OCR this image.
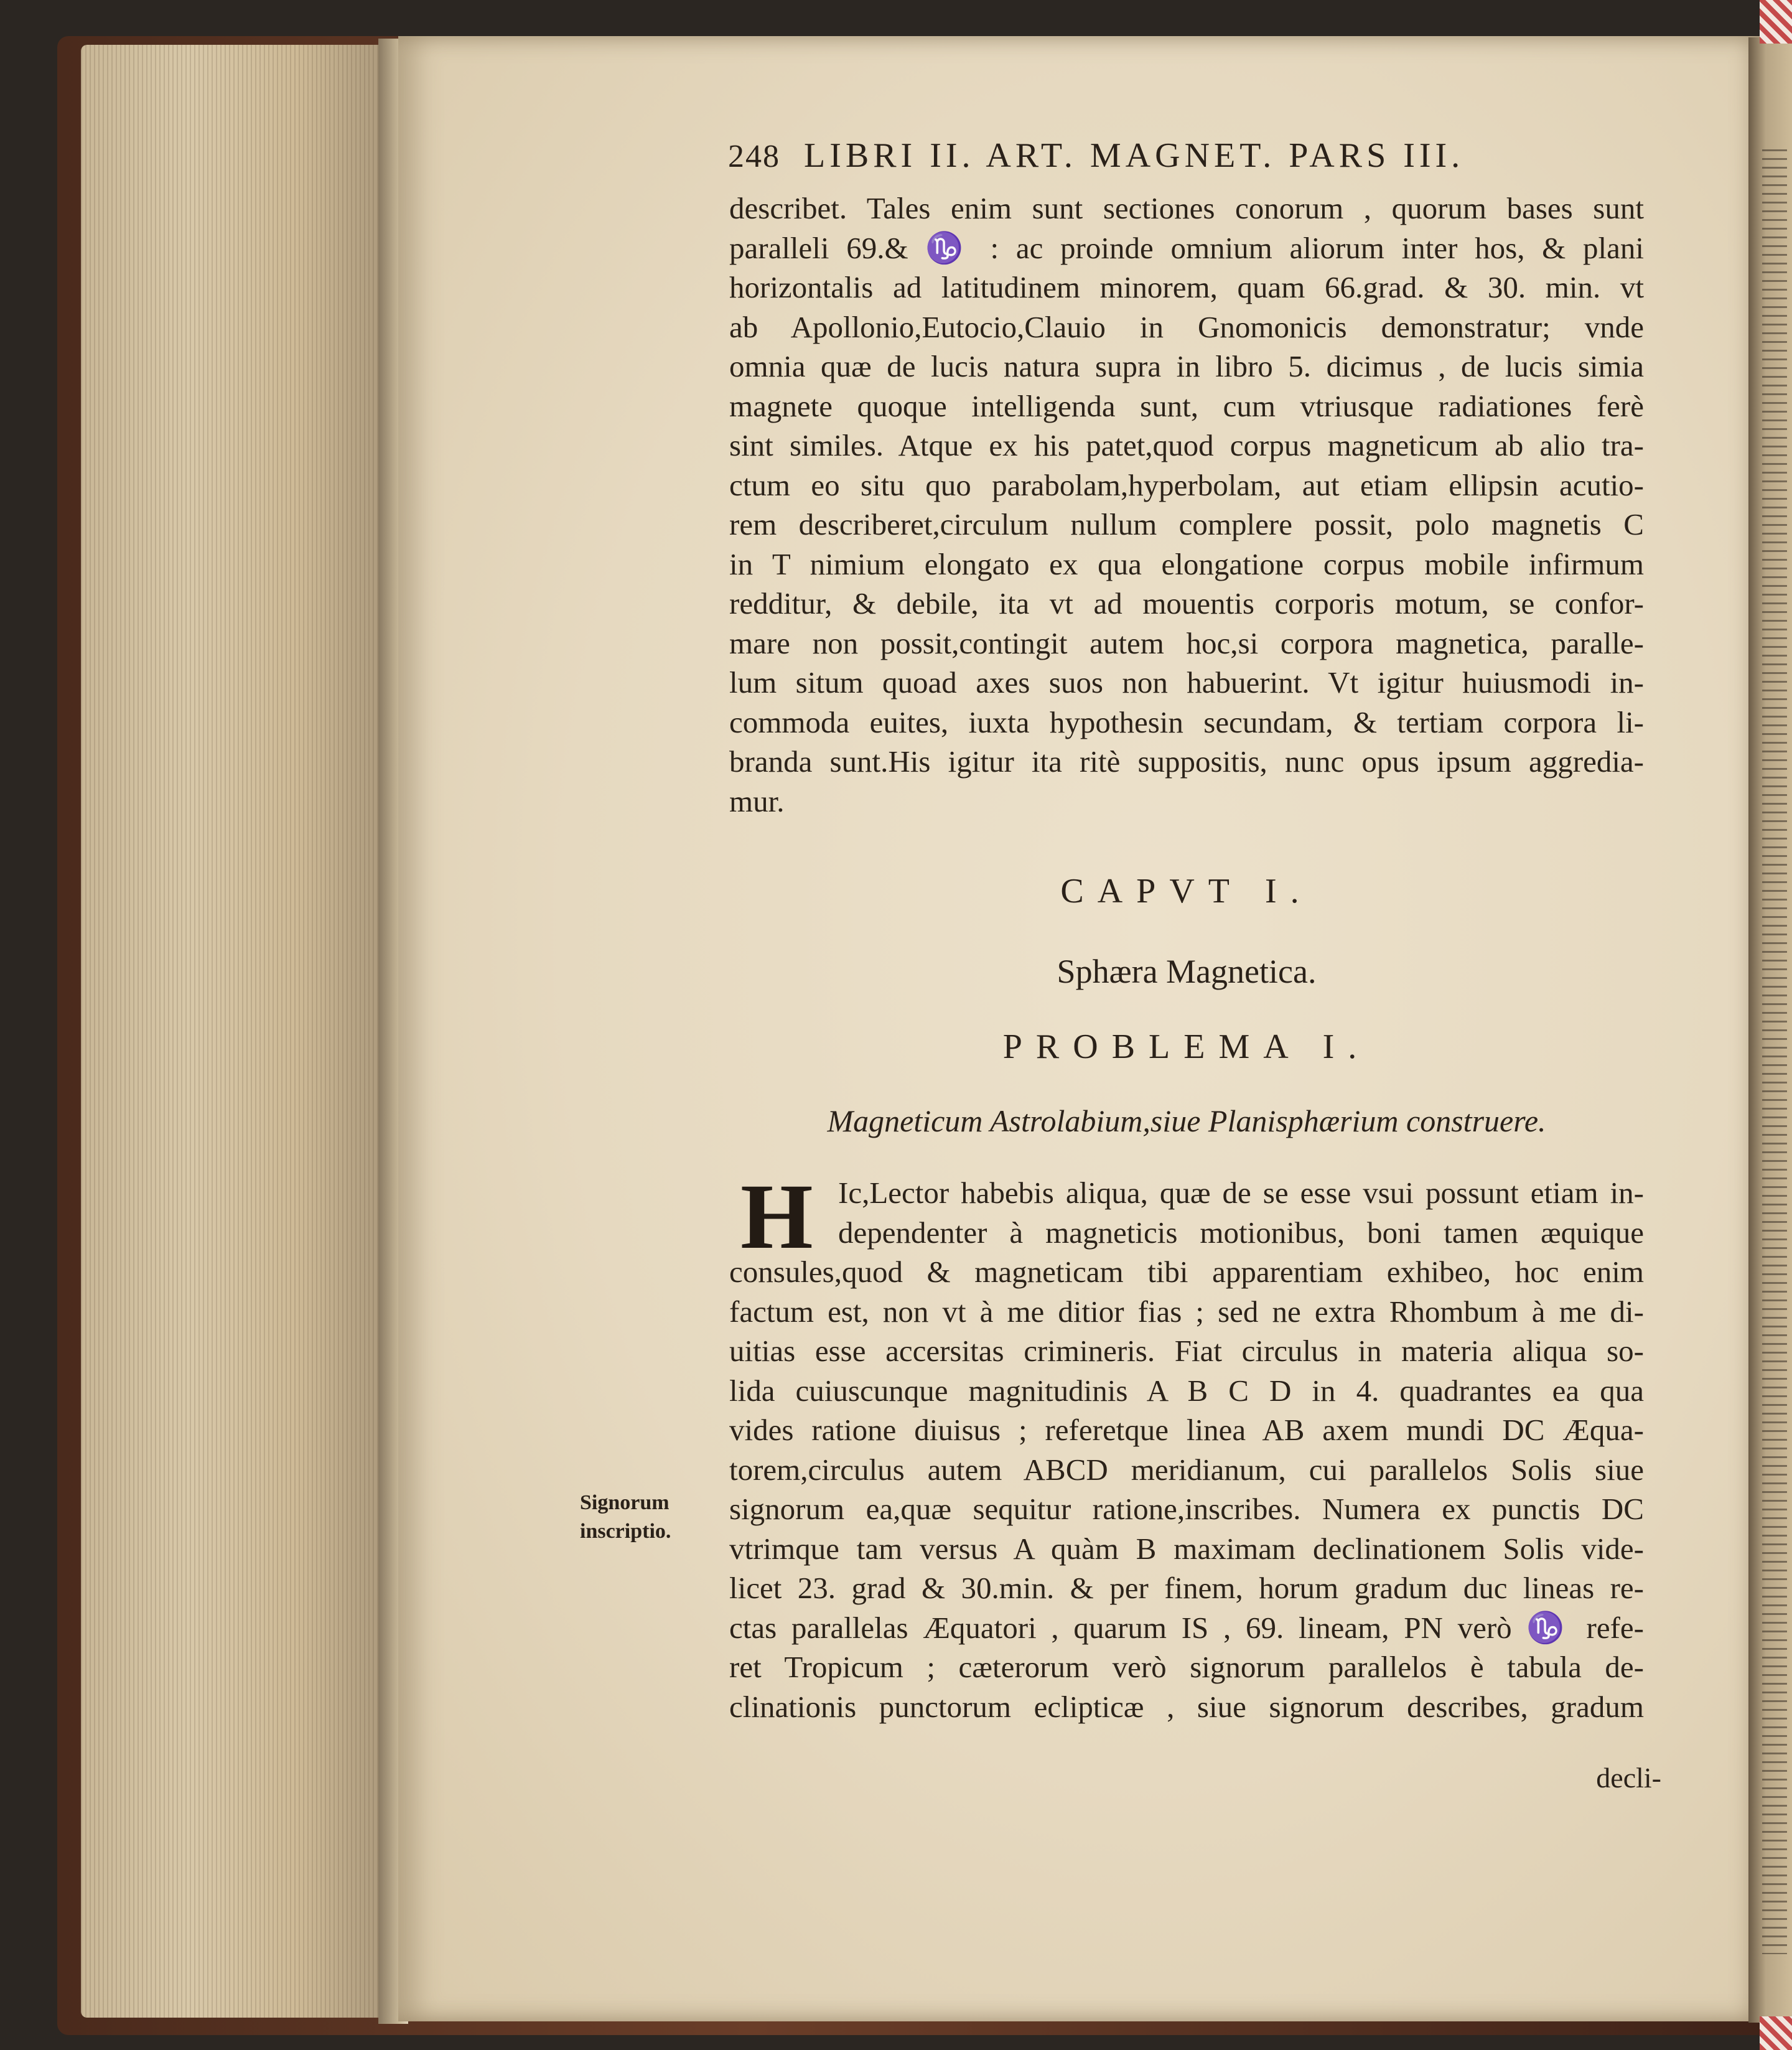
248 LIBRI II. ART. MAGNET. PARS III.
describet. Tales enim sunt sectiones conorum , quorum bases sunt
paralleli 69.& ♑ : ac proinde omnium aliorum inter hos, & plani
horizontalis ad latitudinem minorem, quam 66.grad. & 30. min. vt
ab Apollonio,Eutocio,Clauio in Gnomonicis demonstratur; vnde
omnia quæ de lucis natura supra in libro 5. dicimus , de lucis simia
magnete quoque intelligenda sunt, cum vtriusque radiationes ferè
sint similes. Atque ex his patet,quod corpus magneticum ab alio tra-
ctum eo situ quo parabolam,hyperbolam, aut etiam ellipsin acutio-
rem describeret,circulum nullum complere possit, polo magnetis C
in T nimium elongato ex qua elongatione corpus mobile infirmum
redditur, & debile, ita vt ad mouentis corporis motum, se confor-
mare non possit,contingit autem hoc,si corpora magnetica, paralle-
lum situm quoad axes suos non habuerint. Vt igitur huiusmodi in-
commoda euites, iuxta hypothesin secundam, & tertiam corpora li-
branda sunt.His igitur ita ritè suppositis, nunc opus ipsum aggredia-
mur.
CAPVT I.
Sphæra Magnetica.
PROBLEMA I.
Magneticum Astrolabium,siue Planisphærium construere.
H Ic,Lector habebis aliqua, quæ de se esse vsui possunt etiam in-
dependenter à magneticis motionibus, boni tamen æquique
consules,quod & magneticam tibi apparentiam exhibeo, hoc enim
factum est, non vt à me ditior fias ; sed ne extra Rhombum à me di-
uitias esse accersitas crimineris. Fiat circulus in materia aliqua so-
lida cuiuscunque magnitudinis A B C D in 4. quadrantes ea qua
vides ratione diuisus ; referetque linea AB axem mundi DC Æqua-
torem,circulus autem ABCD meridianum, cui parallelos Solis siue
signorum ea,quæ sequitur ratione,inscribes. Numera ex punctis DC
vtrimque tam versus A quàm B maximam declinationem Solis vide-
licet 23. grad & 30.min. & per finem, horum gradum duc lineas re-
ctas parallelas Æquatori , quarum IS , 69. lineam, PN verò ♑ refe-
ret Tropicum ; cæterorum verò signorum parallelos è tabula de-
clinationis punctorum eclipticæ , siue signorum describes, gradum
Signorum
inscriptio.
decli-
